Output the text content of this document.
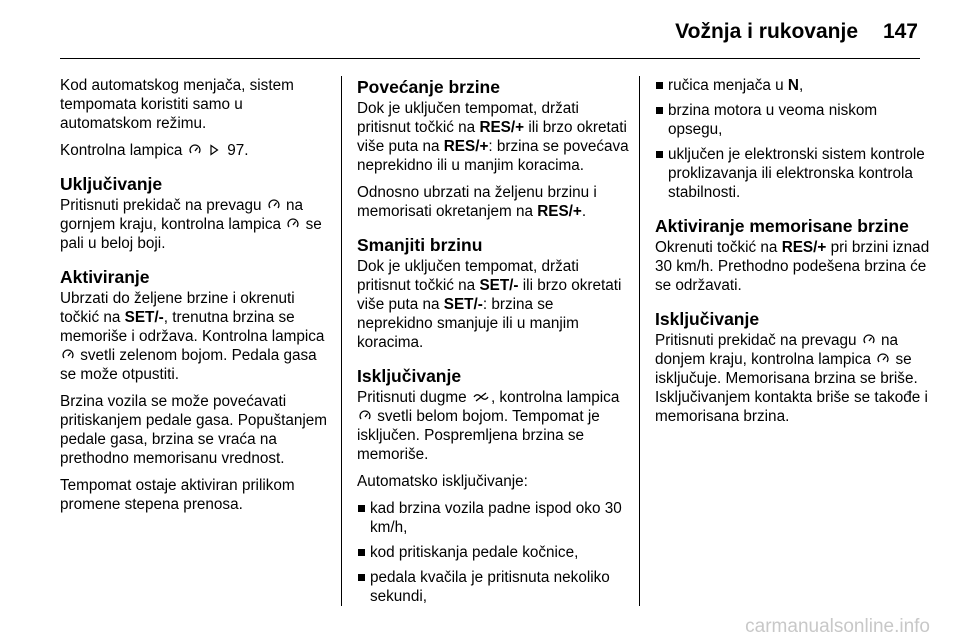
Vožnja i rukovanje	147

Kod automatskog menjača, sistem tempomata koristiti samo u automatskom režimu.

Kontrolna lampica
	97.

Uključivanje

Pritisnuti prekidač na prevagu na gornjem kraju, kontrolna lampica se pali u beloj boji.

Aktiviranje

Ubrzati do željene brzine i okrenuti točkić na SET/-, trenutna brzina se memoriše i održava. Kontrolna lampica
svetli zelenom bojom. Pedala gasa se može otpustiti.

Brzina vozila se može povećavati pritiskanjem pedale gasa. Popuštanjem pedale gasa, brzina se vraća na prethodno memorisanu vrednost.

Tempomat ostaje aktiviran prilikom promene stepena prenosa.

Povećanje brzine

Dok je uključen tempomat, držati pritisnut točkić na RES/+ ili brzo okretati više puta na RES/+: brzina se povećava neprekidno ili u manjim koracima.

Odnosno ubrzati na željenu brzinu i memorisati okretanjem na RES/+.

Smanjiti brzinu

Dok je uključen tempomat, držati pritisnut točkić na SET/- ili brzo okretati više puta na SET/-: brzina se neprekidno smanjuje ili u manjim koracima.

Isključivanje

Pritisnuti dugme , kontrolna lampica
svetli belom bojom. Tempomat je isključen. Pospremljena brzina se memoriše.

Automatsko isključivanje:

kad brzina vozila padne ispod oko 30 km/h,
kod pritiskanja pedale kočnice,
pedala kvačila je pritisnuta nekoliko sekundi,
ručica menjača u N,
brzina motora u veoma niskom opsegu,
uključen je elektronski sistem kontrole proklizavanja ili elektronska kontrola stabilnosti.
Aktiviranje memorisane brzine

Okrenuti točkić na RES/+ pri brzini iznad 30 km/h. Prethodno podešena brzina će se održavati.

Isključivanje

Pritisnuti prekidač na prevagu na donjem kraju, kontrolna lampica se isključuje. Memorisana brzina se briše. Isključivanjem kontakta briše se takođe i memorisana brzina.

carmanualsonline.info
